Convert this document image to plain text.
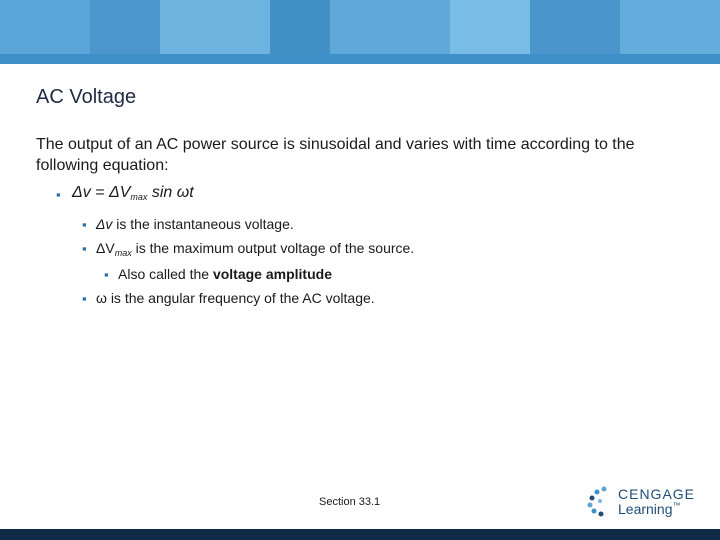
AC Voltage

The output of an AC power source is sinusoidal and varies with time according to the following equation:

▪ $\Delta v = \Delta V_{max}$ sin ωt
▪ Δv is the instantaneous voltage.
▪ $\Delta V_{max}$ is the maximum output voltage of the source.
▪ Also called the voltage amplitude
▪ ω is the angular frequency of the AC voltage.
Section 33.1	CENGAGE
Learning™
